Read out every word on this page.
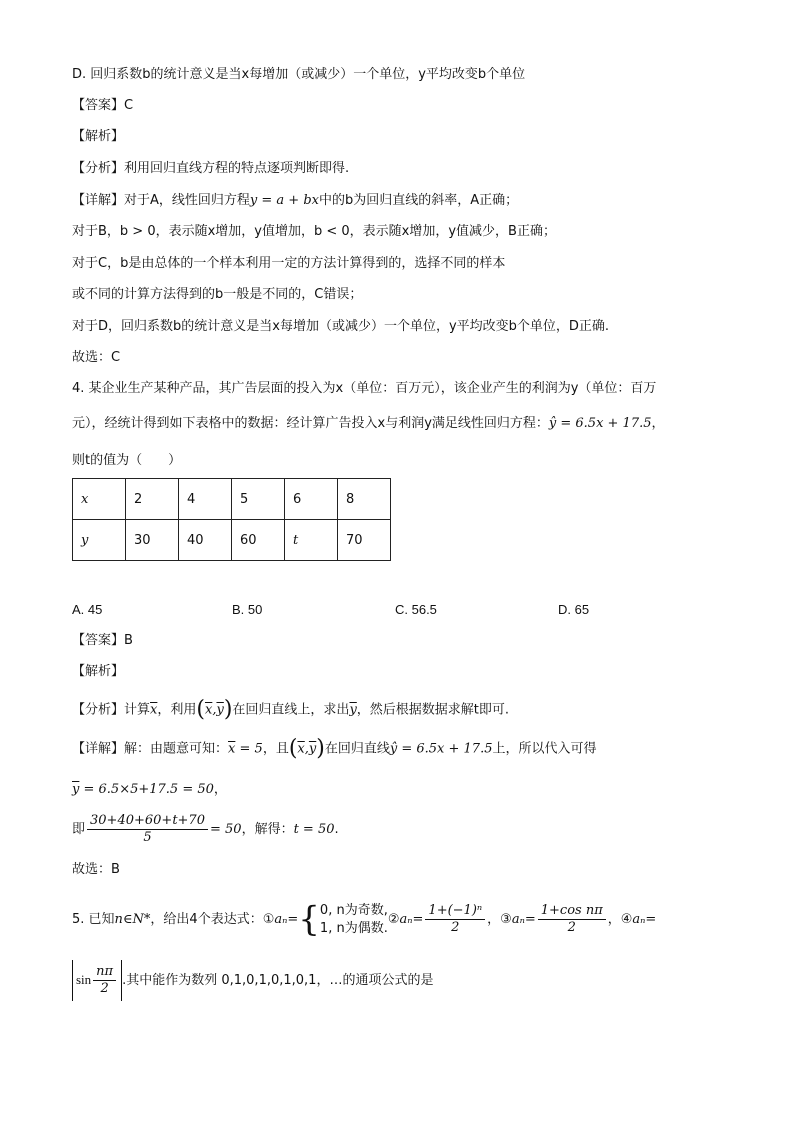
D. 回归系数b的统计意义是当x每增加（或减少）一个单位，y平均改变b个单位
【答案】C
【解析】
【分析】利用回归直线方程的特点逐项判断即得.
【详解】对于A，线性回归方程y = a + bx中的b为回归直线的斜率，A正确；
对于B，b > 0，表示随x增加，y值增加，b < 0，表示随x增加，y值减少，B正确；
对于C，b是由总体的一个样本利用一定的方法计算得到的，选择不同的样本
或不同的计算方法得到的b一般是不同的，C错误；
对于D，回归系数b的统计意义是当x每增加（或减少）一个单位，y平均改变b个单位，D正确.
故选：C
4. 某企业生产某种产品，其广告层面的投入为x（单位：百万元），该企业产生的利润为y（单位：百万
元），经统计得到如下表格中的数据：经计算广告投入x与利润y满足线性回归方程：ŷ = 6.5x + 17.5，
则t的值为（　　）
x	2	4	5	6	8
y	30	40	60	t	70
A. 45	B. 50	C. 56.5	D. 65
【答案】B
【解析】
【分析】计算$\overline{x}$，利用$(\overline{x},\overline{y})$在回归直线上，求出$\overline{y}$，然后根据数据求解t即可.
【详解】解：由题意可知：$\overline{x} = 5$，且$(\overline{x},\overline{y})$在回归直线ŷ = 6.5x + 17.5上，所以代入可得
$\overline{y} = 6.5\times 5+17.5 = 50$，
即 $\frac{30+40+60+t+70}{5} = 50$，解得：t = 50.
故选：B
5. 已知n∈N*，给出4个表达式：①aₙ={ 0, n为奇数,
1, n为偶数.
②aₙ= $\frac{\text{1+(−1)ⁿ}}{2}$ ，③aₙ= $\frac{\text{1+cos nπ}}{2}$ ，④aₙ=
$\sin \frac{n\pi}{2}$ .其中能作为数列 0,1,0,1,0,1,0,1，…的通项公式的是
